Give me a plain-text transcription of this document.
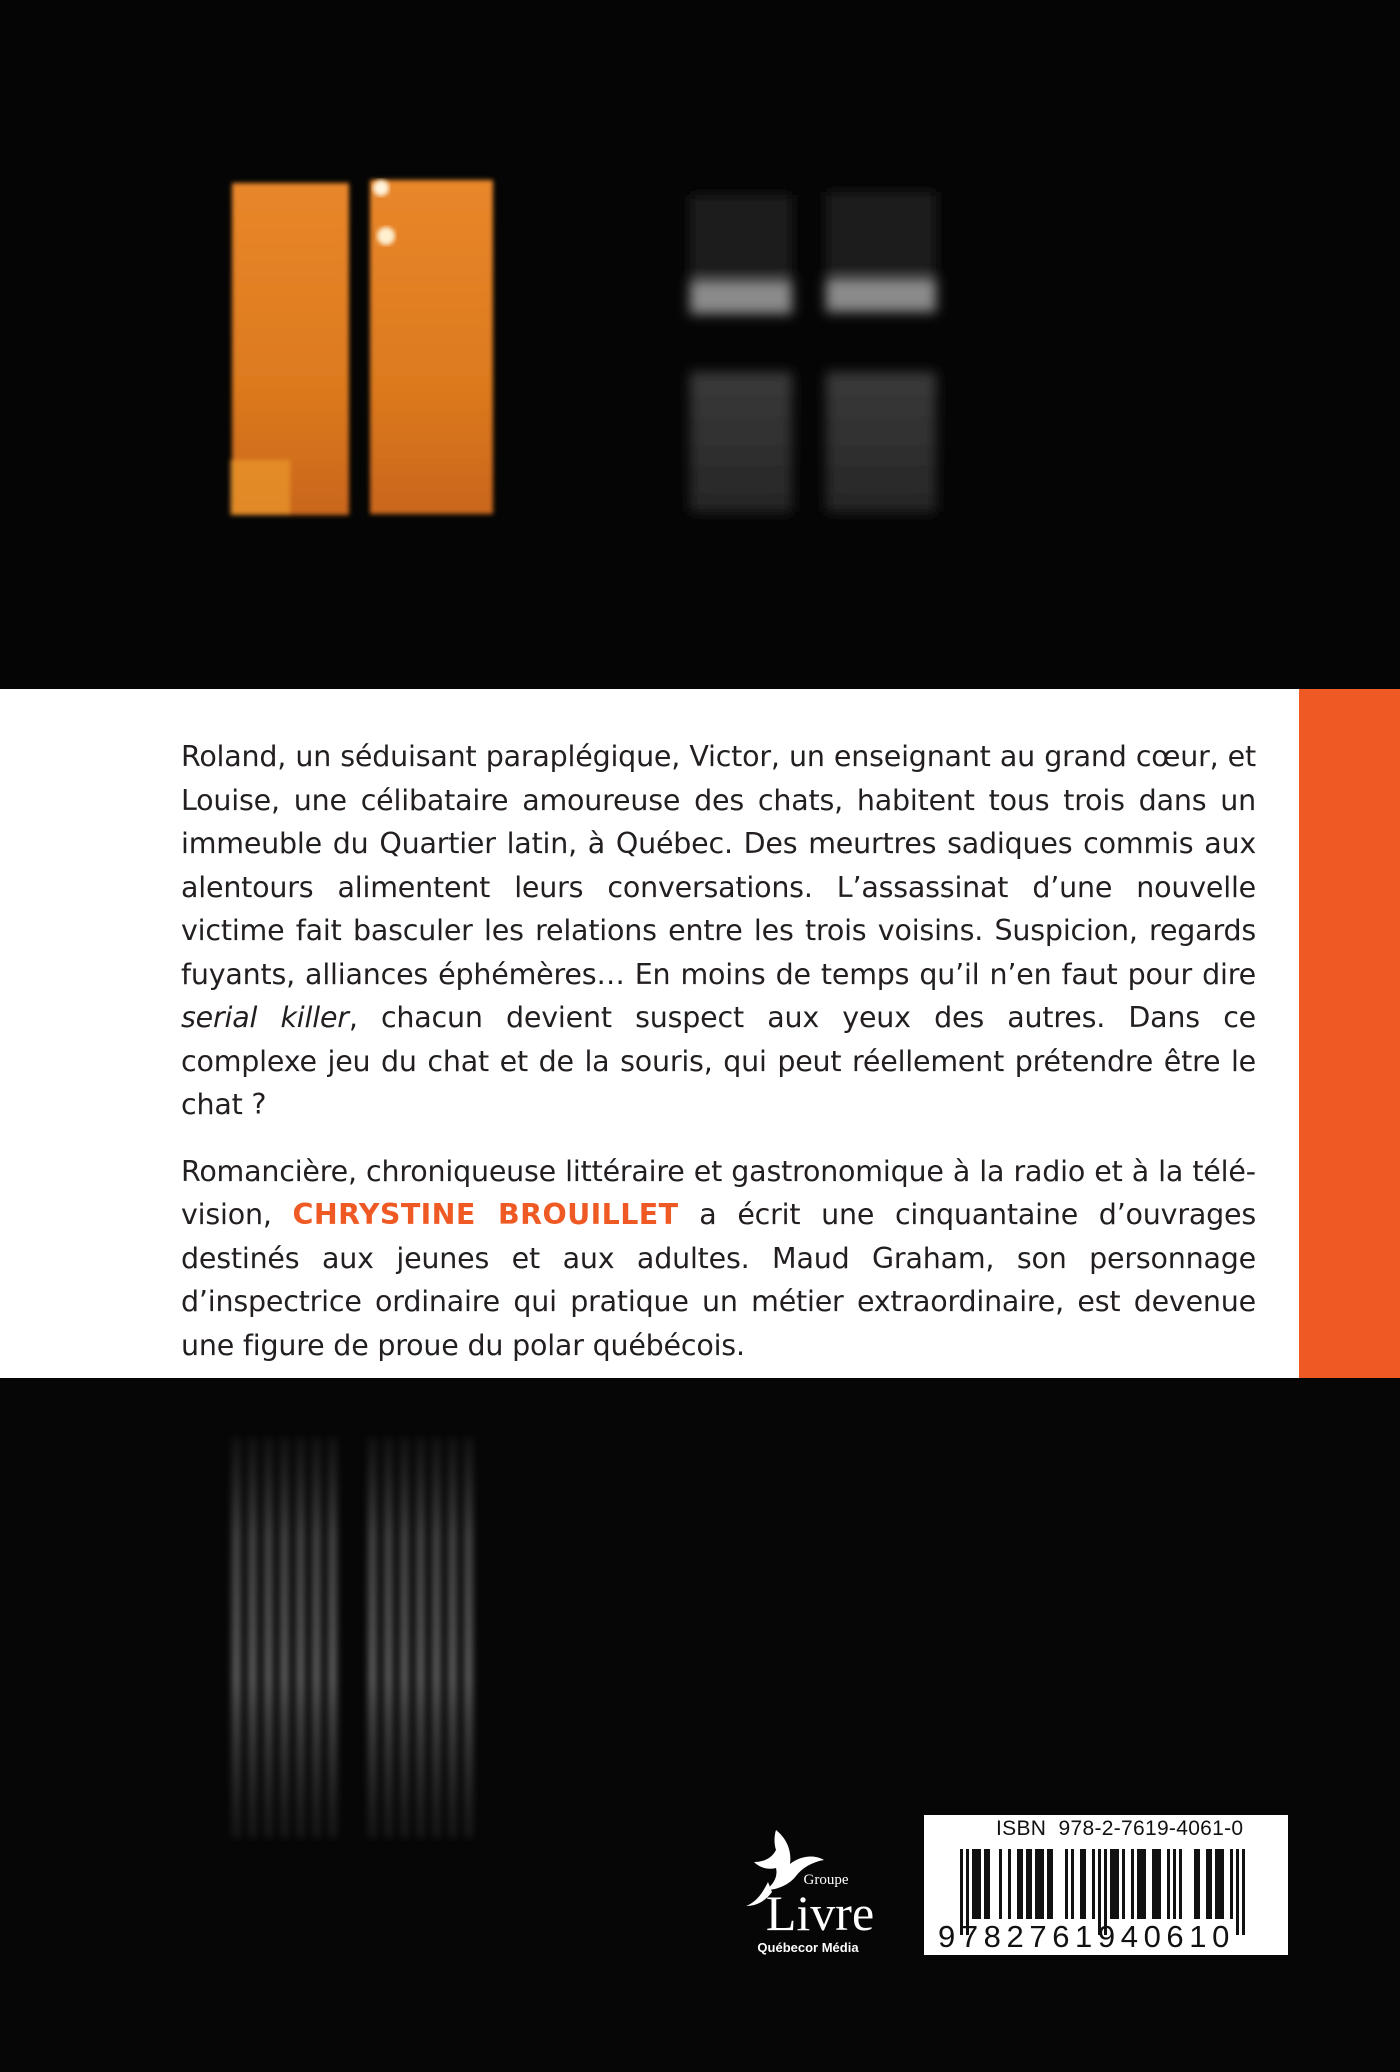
Roland, un séduisant paraplégique, Victor, un enseignant au grand cœur, et Louise, une célibataire amoureuse des chats, habitent tous trois dans un immeuble du Quartier latin, à Québec. Des meurtres sadiques commis aux alentours alimentent leurs conversations. L’assassinat d’une nouvelle victime fait basculer les relations entre les trois voisins. Suspicion, regards fuyants, alliances éphémères… En moins de temps qu’il n’en faut pour dire serial killer, chacun devient suspect aux yeux des autres. Dans ce complexe jeu du chat et de la souris, qui peut réellement prétendre être le chat ?

Romancière, chroniqueuse littéraire et gastronomique à la radio et à la télévision, CHRYSTINE BROUILLET a écrit une cinquantaine d’ouvrages destinés aux jeunes et aux adultes. Maud Graham, son personnage d’inspectrice ordinaire qui pratique un métier extraordinaire, est devenue une figure de proue du polar québécois.

Groupe
Livre
Québecor Média
ISBN 978-2-7619-4061-0
9782761940610
